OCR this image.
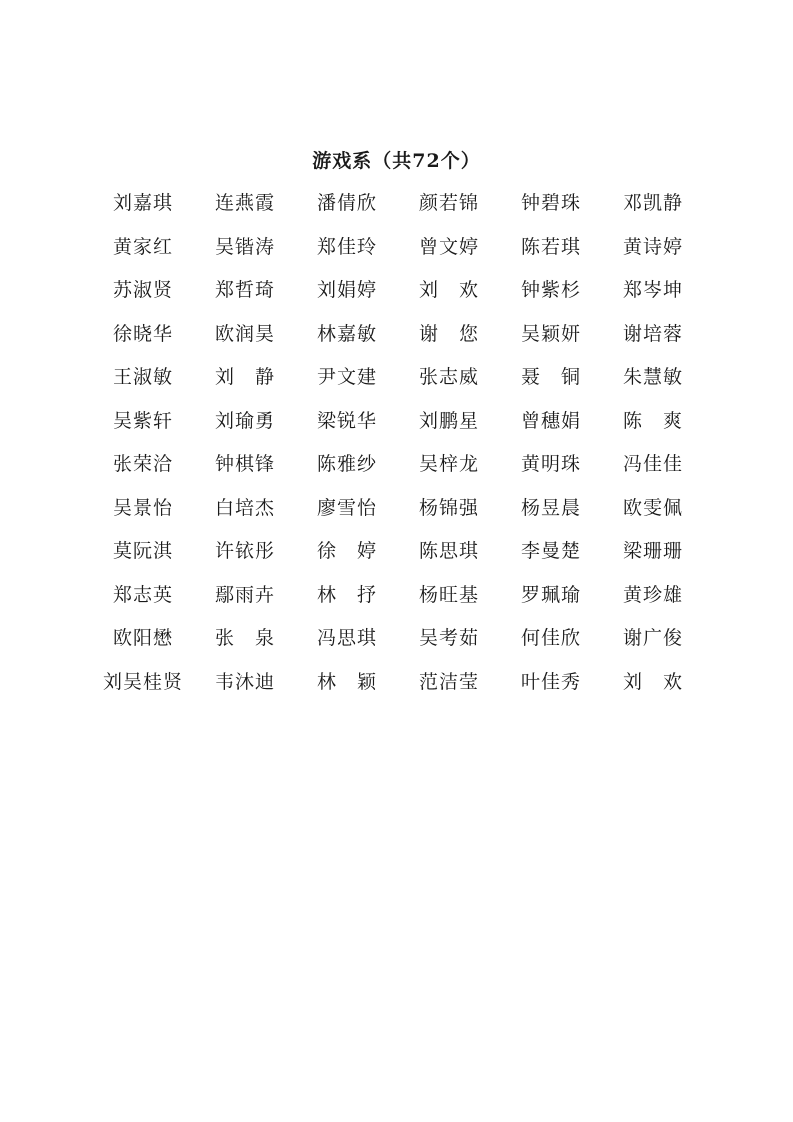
游戏系（共72个）
刘嘉琪	连燕霞	潘倩欣	颜若锦	钟碧珠	邓凯静
黄家红	吴锴涛	郑佳玲	曾文婷	陈若琪	黄诗婷
苏淑贤	郑哲琦	刘娟婷	刘　欢	钟紫杉	郑岑坤
徐晓华	欧润昊	林嘉敏	谢　您	吴颖妍	谢培蓉
王淑敏	刘　静	尹文建	张志威	聂　铜	朱慧敏
吴紫轩	刘瑜勇	梁锐华	刘鹏星	曾穗娟	陈　爽
张荣洽	钟棋锋	陈雅纱	吴梓龙	黄明珠	冯佳佳
吴景怡	白培杰	廖雪怡	杨锦强	杨昱晨	欧雯佩
莫阮淇	许铱彤	徐　婷	陈思琪	李曼楚	梁珊珊
郑志英	鄢雨卉	林　抒	杨旺基	罗珮瑜	黄珍雄
欧阳懋	张　泉	冯思琪	吴考茹	何佳欣	谢广俊
刘吴桂贤	韦沐迪	林　颖	范洁莹	叶佳秀	刘　欢
